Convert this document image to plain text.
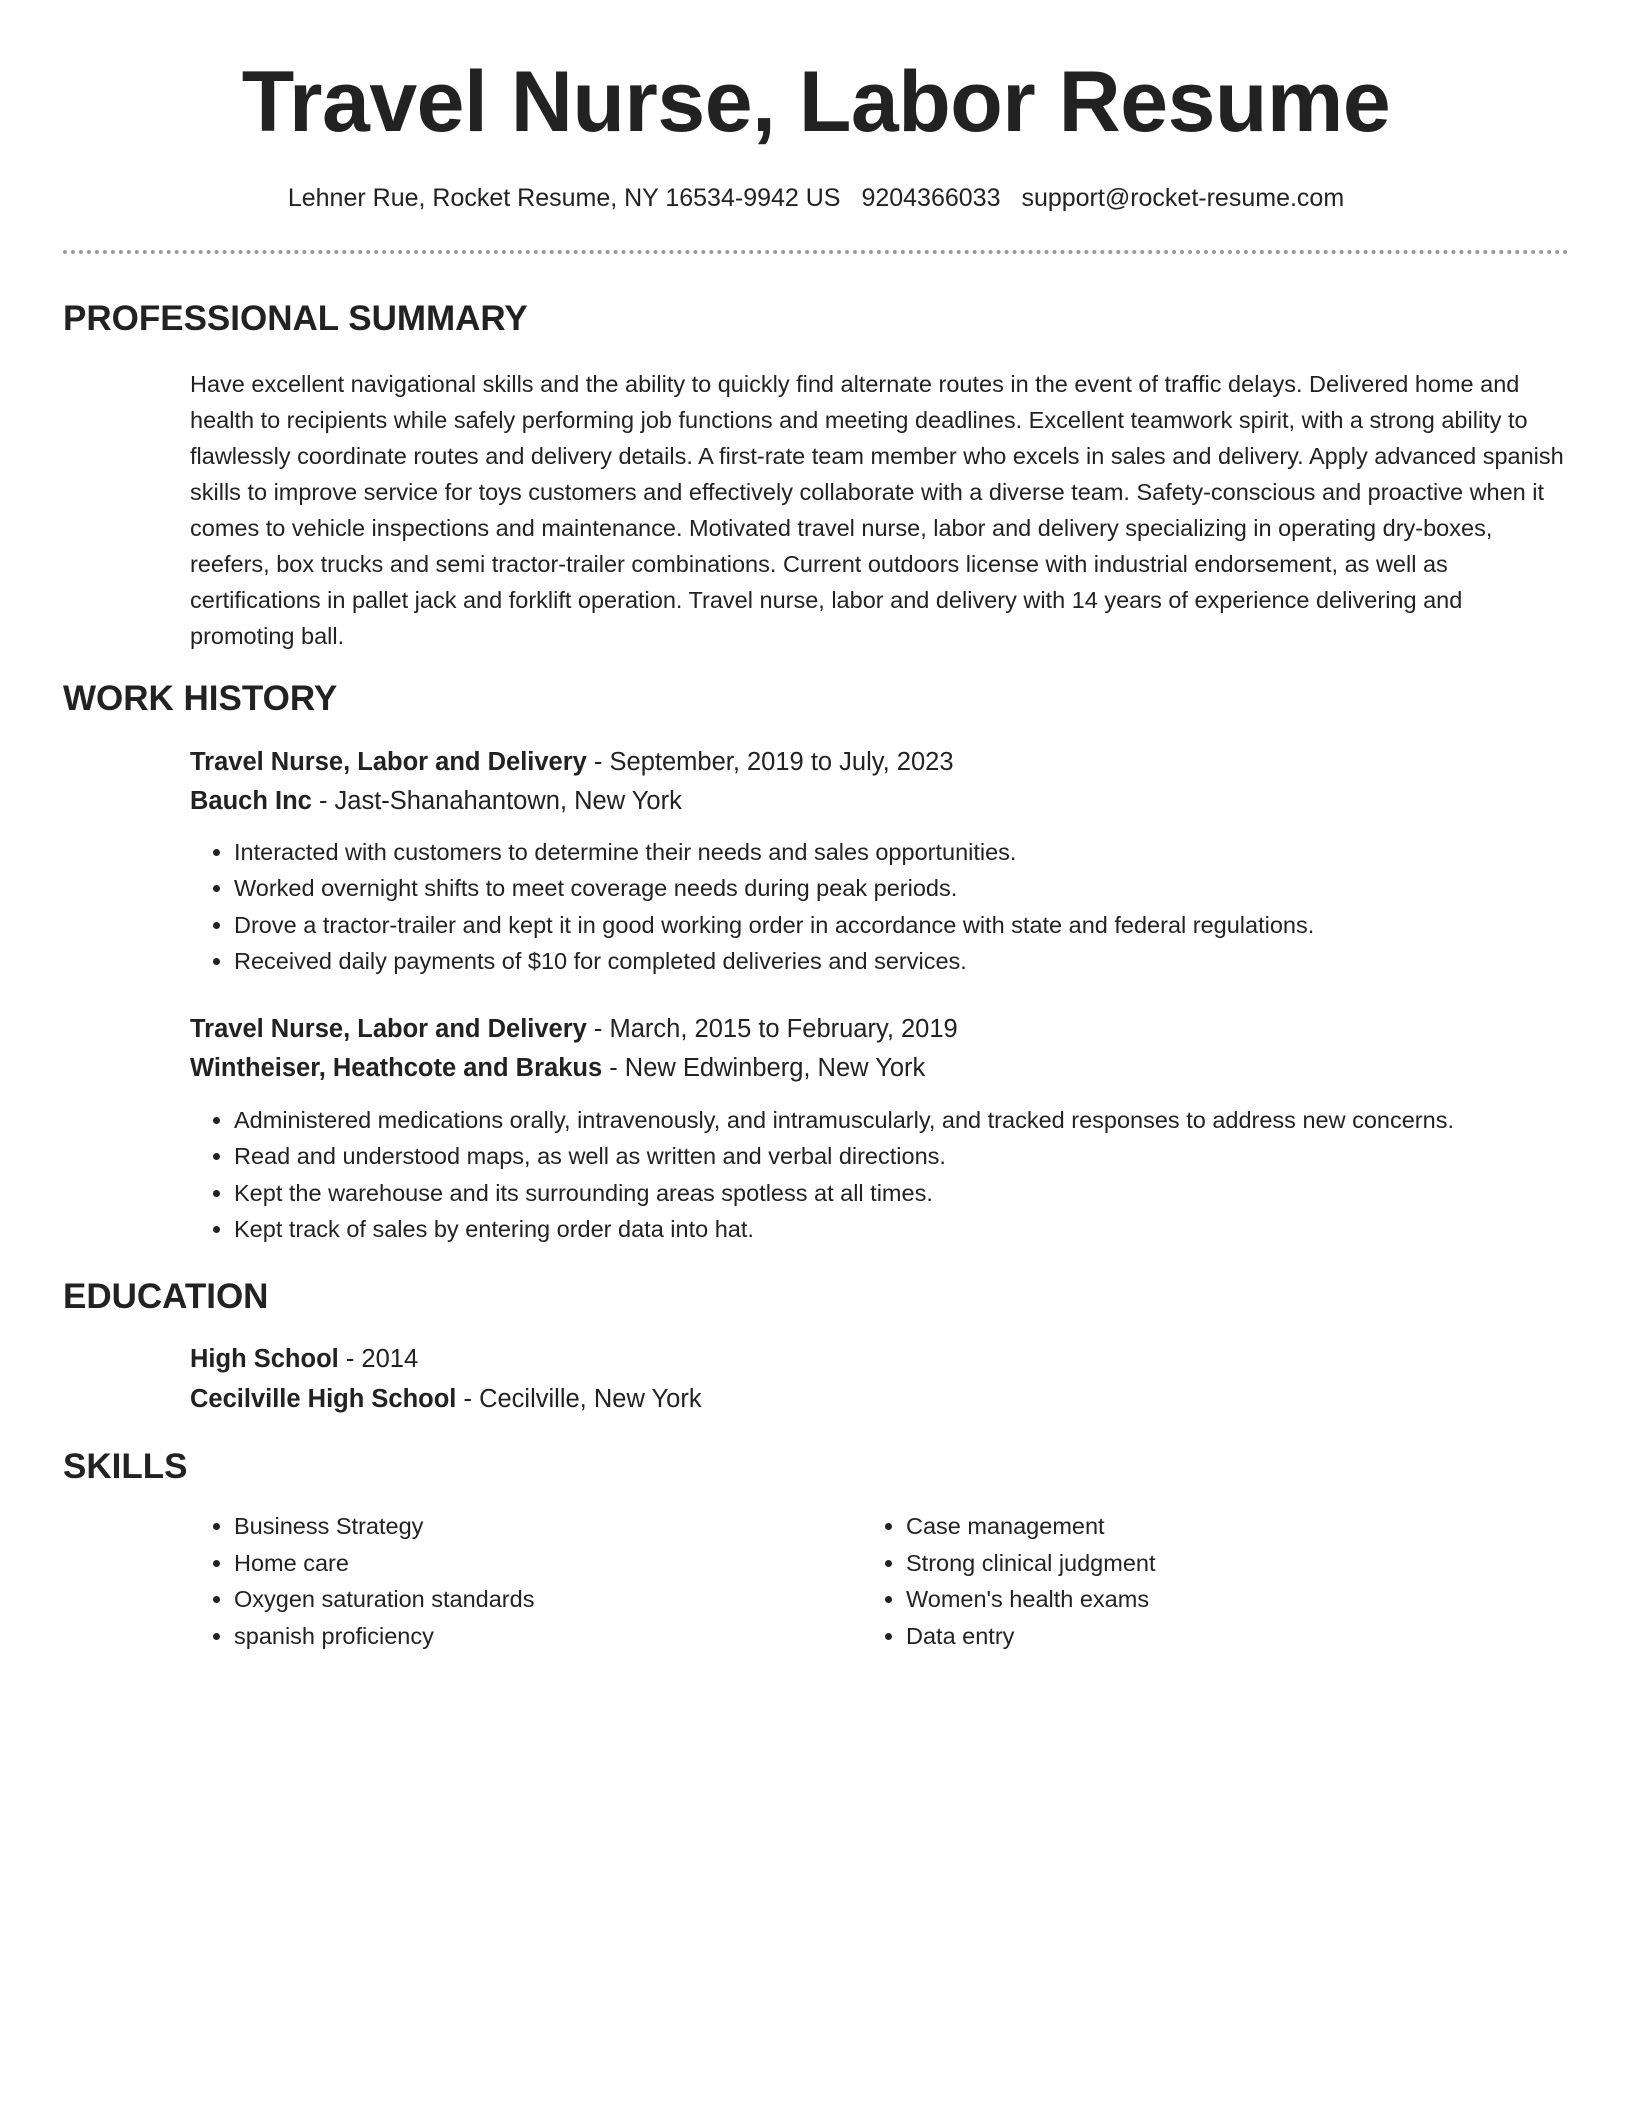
Travel Nurse, Labor Resume
Lehner Rue, Rocket Resume, NY 16534-9942 US 9204366033 support@rocket-resume.com
PROFESSIONAL SUMMARY

Have excellent navigational skills and the ability to quickly find alternate routes in the event of traffic delays. Delivered home and health to recipients while safely performing job functions and meeting deadlines. Excellent teamwork spirit, with a strong ability to flawlessly coordinate routes and delivery details. A first-rate team member who excels in sales and delivery. Apply advanced spanish skills to improve service for toys customers and effectively collaborate with a diverse team. Safety-conscious and proactive when it comes to vehicle inspections and maintenance. Motivated travel nurse, labor and delivery specializing in operating dry-boxes, reefers, box trucks and semi tractor-trailer combinations. Current outdoors license with industrial endorsement, as well as certifications in pallet jack and forklift operation. Travel nurse, labor and delivery with 14 years of experience delivering and promoting ball.

WORK HISTORY
Travel Nurse, Labor and Delivery - September, 2019 to July, 2023
Bauch Inc - Jast-Shanahantown, New York
• Interacted with customers to determine their needs and sales opportunities.
• Worked overnight shifts to meet coverage needs during peak periods.
• Drove a tractor-trailer and kept it in good working order in accordance with state and federal regulations.
• Received daily payments of $10 for completed deliveries and services.
Travel Nurse, Labor and Delivery - March, 2015 to February, 2019
Wintheiser, Heathcote and Brakus - New Edwinberg, New York
• Administered medications orally, intravenously, and intramuscularly, and tracked responses to address new concerns.
• Read and understood maps, as well as written and verbal directions.
• Kept the warehouse and its surrounding areas spotless at all times.
• Kept track of sales by entering order data into hat.
EDUCATION
High School - 2014
Cecilville High School - Cecilville, New York
SKILLS
• Business Strategy
• Home care
• Oxygen saturation standards
• spanish proficiency
• Case management
• Strong clinical judgment
• Women's health exams
• Data entry
